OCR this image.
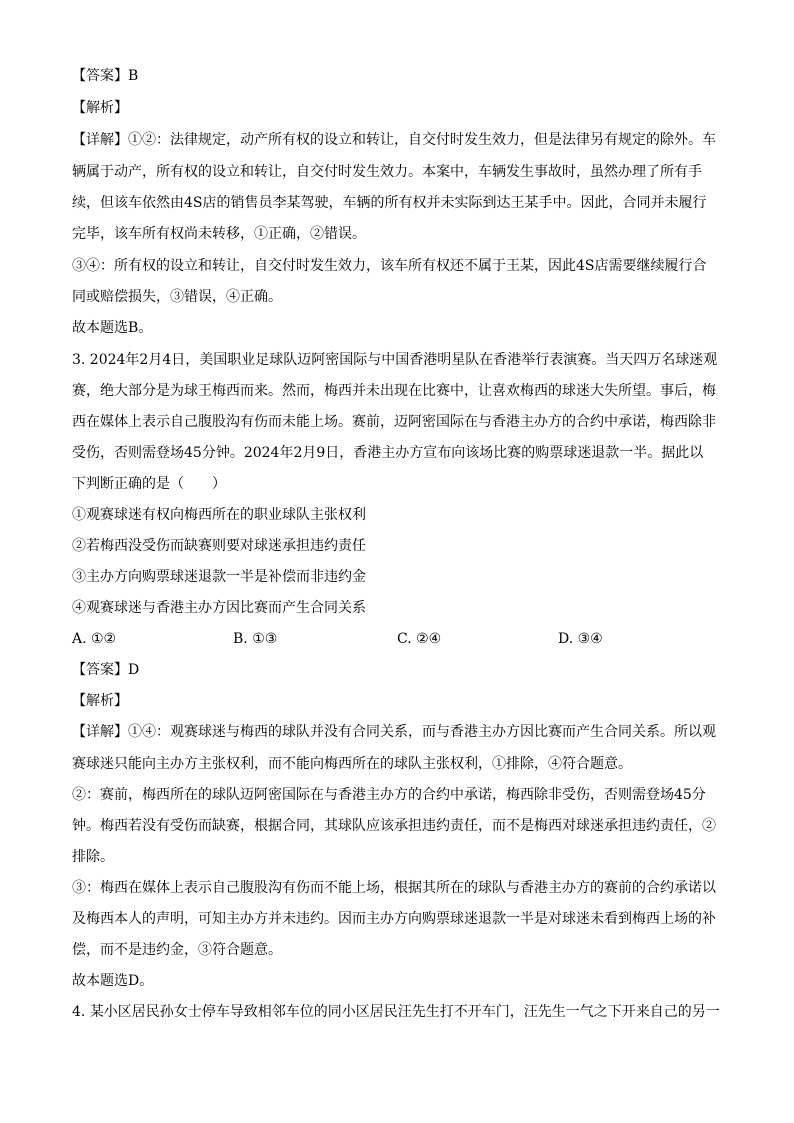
【答案】B
【解析】
【详解】①②：法律规定，动产所有权的设立和转让，自交付时发生效力，但是法律另有规定的除外。车
辆属于动产，所有权的设立和转让，自交付时发生效力。本案中，车辆发生事故时，虽然办理了所有手
续，但该车依然由4S店的销售员李某驾驶，车辆的所有权并未实际到达王某手中。因此，合同并未履行
完毕，该车所有权尚未转移，①正确，②错误。
③④：所有权的设立和转让，自交付时发生效力，该车所有权还不属于王某，因此4S店需要继续履行合
同或赔偿损失，③错误，④正确。
故本题选B。
3. 2024年2月4日，美国职业足球队迈阿密国际与中国香港明星队在香港举行表演赛。当天四万名球迷观
赛，绝大部分是为球王梅西而来。然而，梅西并未出现在比赛中，让喜欢梅西的球迷大失所望。事后，梅
西在媒体上表示自己腹股沟有伤而未能上场。赛前，迈阿密国际在与香港主办方的合约中承诺，梅西除非
受伤，否则需登场45分钟。2024年2月9日，香港主办方宣布向该场比赛的购票球迷退款一半。据此以
下判断正确的是（　　）
①观赛球迷有权向梅西所在的职业球队主张权利
②若梅西没受伤而缺赛则要对球迷承担违约责任
③主办方向购票球迷退款一半是补偿而非违约金
④观赛球迷与香港主办方因比赛而产生合同关系
A. ①②	B. ①③	C. ②④	D. ③④
【答案】D
【解析】
【详解】①④：观赛球迷与梅西的球队并没有合同关系，而与香港主办方因比赛而产生合同关系。所以观
赛球迷只能向主办方主张权利，而不能向梅西所在的球队主张权利，①排除，④符合题意。
②：赛前，梅西所在的球队迈阿密国际在与香港主办方的合约中承诺，梅西除非受伤，否则需登场45分
钟。梅西若没有受伤而缺赛，根据合同，其球队应该承担违约责任，而不是梅西对球迷承担违约责任，②
排除。
③：梅西在媒体上表示自己腹股沟有伤而不能上场，根据其所在的球队与香港主办方的赛前的合约承诺以
及梅西本人的声明，可知主办方并未违约。因而主办方向购票球迷退款一半是对球迷未看到梅西上场的补
偿，而不是违约金，③符合题意。
故本题选D。
4. 某小区居民孙女士停车导致相邻车位的同小区居民汪先生打不开车门，汪先生一气之下开来自己的另一
